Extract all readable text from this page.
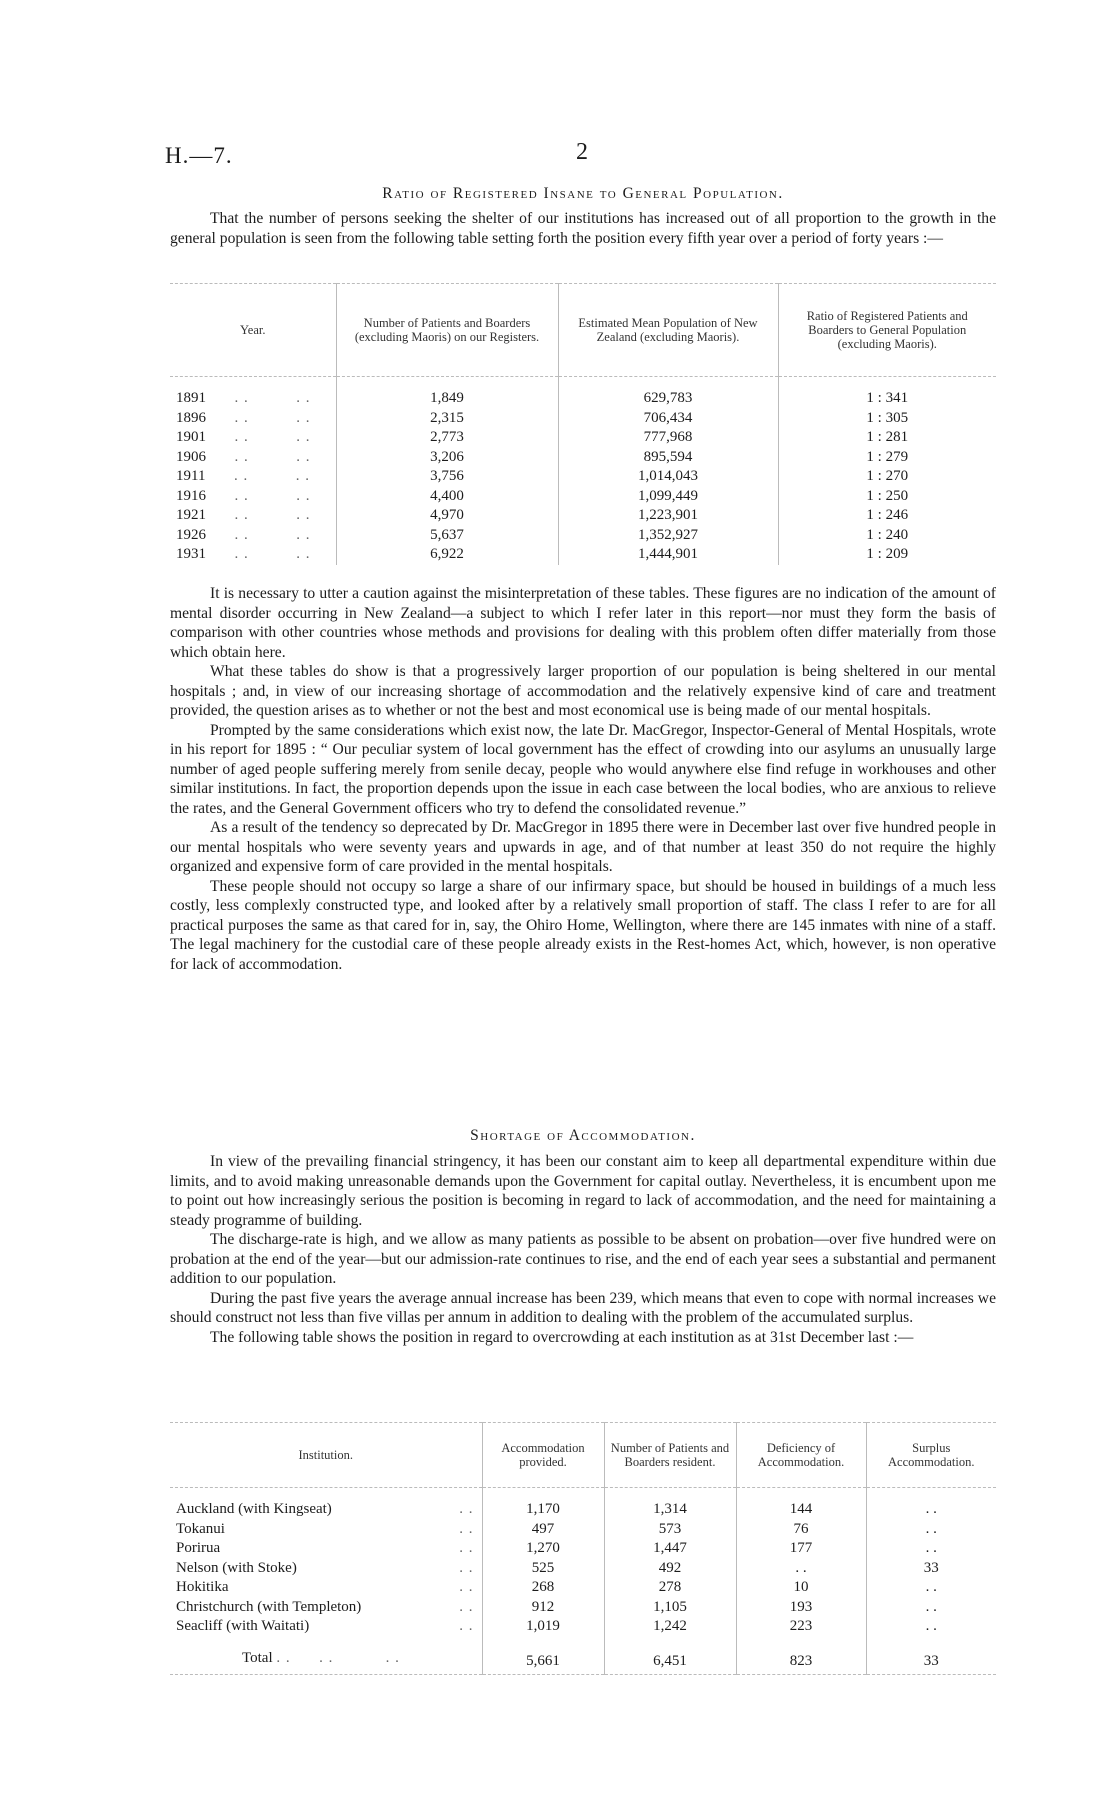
H.—7.	2
Ratio of Registered Insane to General Population.

That the number of persons seeking the shelter of our institutions has increased out of all proportion to the growth in the general population is seen from the following table setting forth the position every fifth year over a period of forty years :—

Year.	Number of Patients and Boarders (excluding Maoris) on our Registers.	Estimated Mean Population of New Zealand (excluding Maoris).	Ratio of Registered Patients and Boarders to General Population (excluding Maoris).

1891      . .          . .	1,849	629,783	1 : 341
1896      . .          . .	2,315	706,434	1 : 305
1901      . .          . .	2,773	777,968	1 : 281
1906      . .          . .	3,206	895,594	1 : 279
1911      . .          . .	3,756	1,014,043	1 : 270
1916      . .          . .	4,400	1,099,449	1 : 250
1921      . .          . .	4,970	1,223,901	1 : 246
1926      . .          . .	5,637	1,352,927	1 : 240
1931      . .          . .	6,922	1,444,901	1 : 209

It is necessary to utter a caution against the misinterpretation of these tables. These figures are no indication of the amount of mental disorder occurring in New Zealand—a subject to which I refer later in this report—nor must they form the basis of comparison with other countries whose methods and provisions for dealing with this problem often differ materially from those which obtain here.

What these tables do show is that a progressively larger proportion of our population is being sheltered in our mental hospitals ; and, in view of our increasing shortage of accommodation and the relatively expensive kind of care and treatment provided, the question arises as to whether or not the best and most economical use is being made of our mental hospitals.

Prompted by the same considerations which exist now, the late Dr. MacGregor, Inspector-General of Mental Hospitals, wrote in his report for 1895 : “ Our peculiar system of local government has the effect of crowding into our asylums an unusually large number of aged people suffering merely from senile decay, people who would anywhere else find refuge in workhouses and other similar institutions. In fact, the proportion depends upon the issue in each case between the local bodies, who are anxious to relieve the rates, and the General Government officers who try to defend the consolidated revenue.”

As a result of the tendency so deprecated by Dr. MacGregor in 1895 there were in December last over five hundred people in our mental hospitals who were seventy years and upwards in age, and of that number at least 350 do not require the highly organized and expensive form of care provided in the mental hospitals.

These people should not occupy so large a share of our infirmary space, but should be housed in buildings of a much less costly, less complexly constructed type, and looked after by a relatively small proportion of staff. The class I refer to are for all practical purposes the same as that cared for in, say, the Ohiro Home, Wellington, where there are 145 inmates with nine of a staff. The legal machinery for the custodial care of these people already exists in the Rest-homes Act, which, however, is non operative for lack of accommodation.

Shortage of Accommodation.

In view of the prevailing financial stringency, it has been our constant aim to keep all departmental expenditure within due limits, and to avoid making unreasonable demands upon the Government for capital outlay. Nevertheless, it is encumbent upon me to point out how increasingly serious the position is becoming in regard to lack of accommodation, and the need for maintaining a steady programme of building.

The discharge-rate is high, and we allow as many patients as possible to be absent on probation—over five hundred were on probation at the end of the year—but our admission-rate continues to rise, and the end of each year sees a substantial and permanent addition to our population.

During the past five years the average annual increase has been 239, which means that even to cope with normal increases we should construct not less than five villas per annum in addition to dealing with the problem of the accumulated surplus.

The following table shows the position in regard to overcrowding at each institution as at 31st December last :—

Institution.	Accommodation provided.	Number of Patients and Boarders resident.	Deficiency of Accommodation.	Surplus Accommodation.

Auckland (with Kingseat) . .	1,170	1,314	144	. .
Tokanui . .	497	573	76	. .
Porirua . .	1,270	1,447	177	. .
Nelson (with Stoke) . .	525	492	. .	33
Hokitika . .	268	278	10	. .
Christchurch (with Templeton) . .	912	1,105	193	. .
Seacliff (with Waitati) . .	1,019	1,242	223	. .

Total . .      . .           . .	5,661	6,451	823	33
